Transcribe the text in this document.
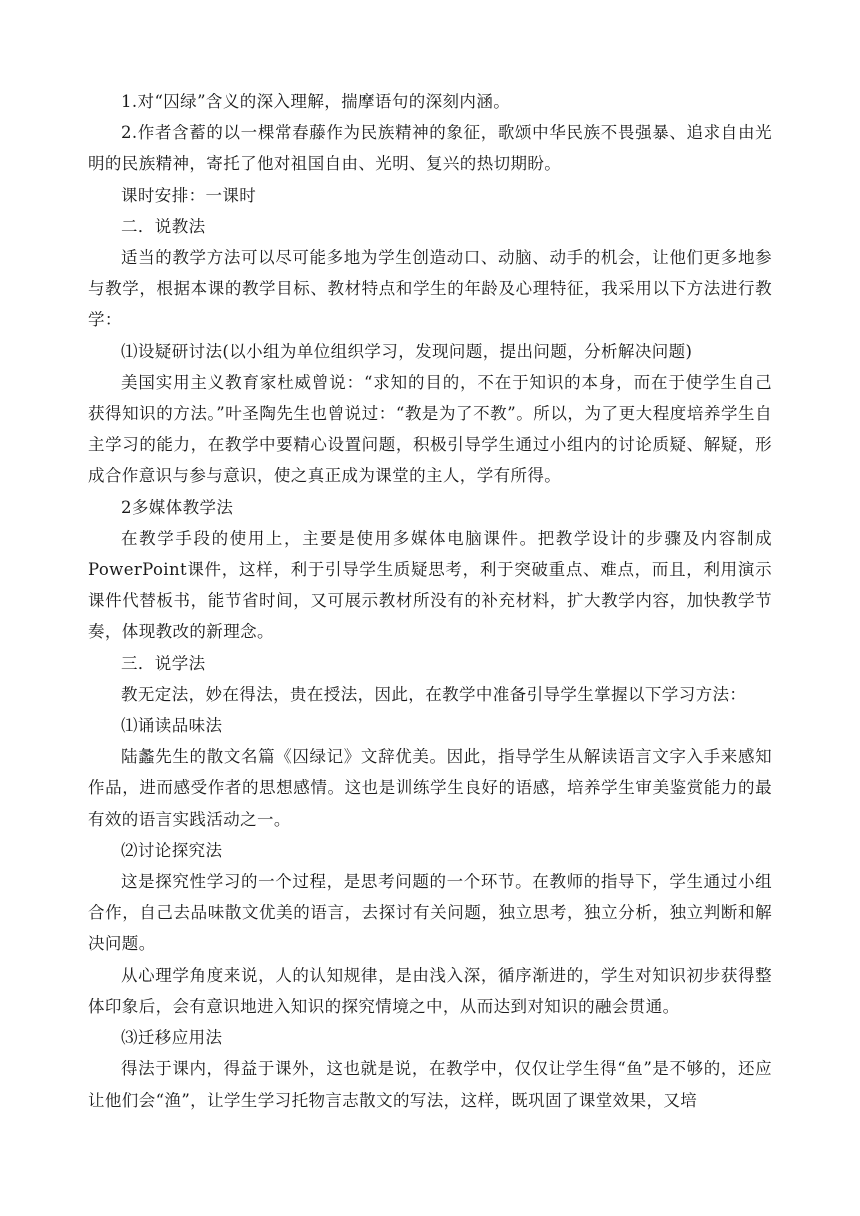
1.对“囚绿”含义的深入理解，揣摩语句的深刻内涵。

2.作者含蓄的以一棵常春藤作为民族精神的象征，歌颂中华民族不畏强暴、追求自由光明的民族精神，寄托了他对祖国自由、光明、复兴的热切期盼。

课时安排：一课时

二．说教法

适当的教学方法可以尽可能多地为学生创造动口、动脑、动手的机会，让他们更多地参与教学，根据本课的教学目标、教材特点和学生的年龄及心理特征，我采用以下方法进行教学：

⑴设疑研讨法(以小组为单位组织学习，发现问题，提出问题，分析解决问题)

美国实用主义教育家杜威曾说：“求知的目的，不在于知识的本身，而在于使学生自己获得知识的方法。”叶圣陶先生也曾说过：“教是为了不教”。所以，为了更大程度培养学生自主学习的能力，在教学中要精心设置问题，积极引导学生通过小组内的讨论质疑、解疑，形成合作意识与参与意识，使之真正成为课堂的主人，学有所得。

2多媒体教学法

在教学手段的使用上，主要是使用多媒体电脑课件。把教学设计的步骤及内容制成PowerPoint课件，这样，利于引导学生质疑思考，利于突破重点、难点，而且，利用演示课件代替板书，能节省时间，又可展示教材所没有的补充材料，扩大教学内容，加快教学节奏，体现教改的新理念。

三．说学法

教无定法，妙在得法，贵在授法，因此，在教学中准备引导学生掌握以下学习方法：

⑴诵读品味法

陆蠡先生的散文名篇《囚绿记》文辞优美。因此，指导学生从解读语言文字入手来感知作品，进而感受作者的思想感情。这也是训练学生良好的语感，培养学生审美鉴赏能力的最有效的语言实践活动之一。

⑵讨论探究法

这是探究性学习的一个过程，是思考问题的一个环节。在教师的指导下，学生通过小组合作，自己去品味散文优美的语言，去探讨有关问题，独立思考，独立分析，独立判断和解决问题。

从心理学角度来说，人的认知规律，是由浅入深，循序渐进的，学生对知识初步获得整体印象后，会有意识地进入知识的探究情境之中，从而达到对知识的融会贯通。

⑶迁移应用法

得法于课内，得益于课外，这也就是说，在教学中，仅仅让学生得“鱼”是不够的，还应让他们会“渔”，让学生学习托物言志散文的写法，这样，既巩固了课堂效果，又培
